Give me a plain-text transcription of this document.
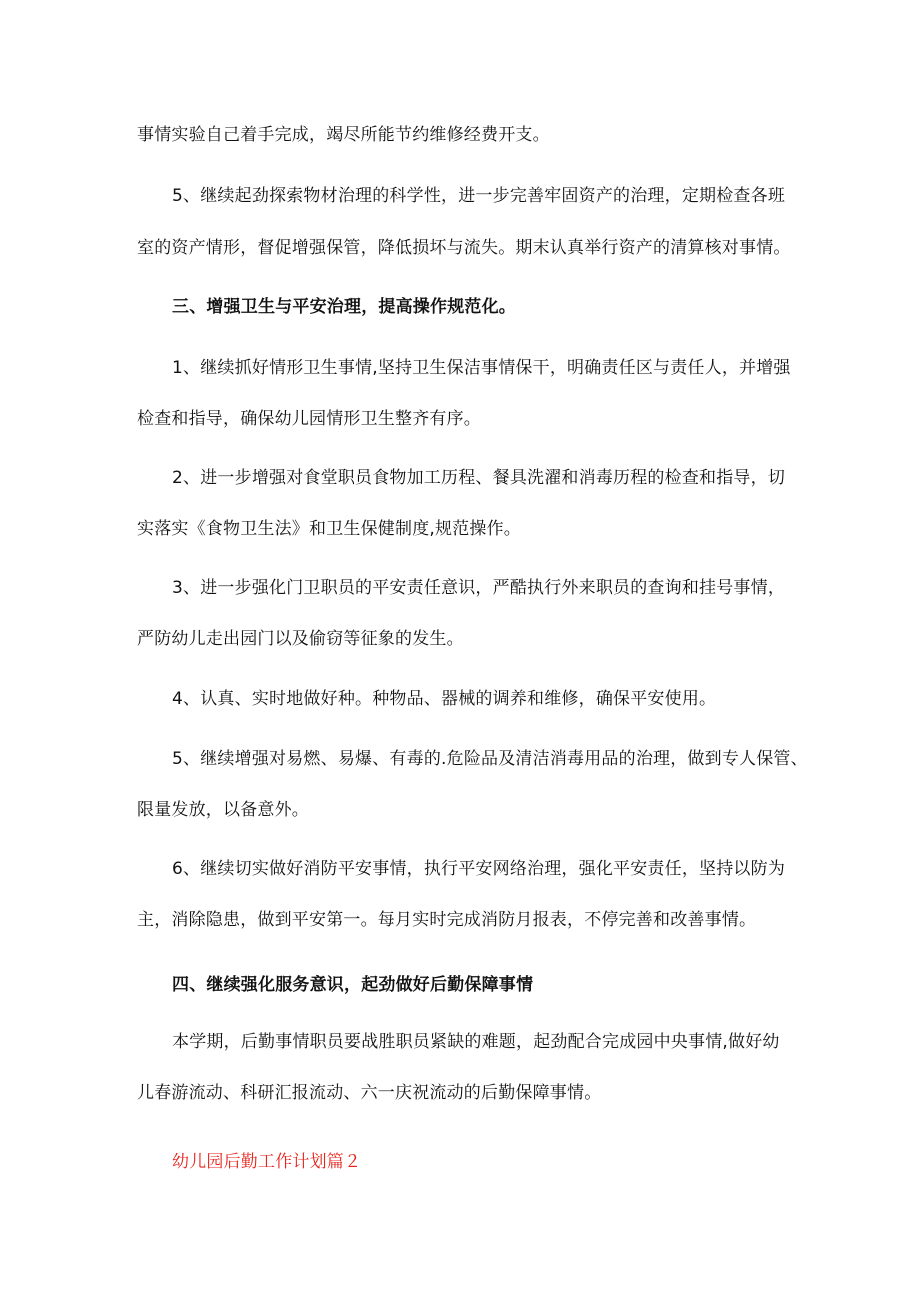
事情实验自己着手完成，竭尽所能节约维修经费开支。
5、继续起劲探索物材治理的科学性，进一步完善牢固资产的治理，定期检查各班
室的资产情形，督促增强保管，降低损坏与流失。期末认真举行资产的清算核对事情。
三、增强卫生与平安治理，提高操作规范化。
1、继续抓好情形卫生事情,坚持卫生保洁事情保干，明确责任区与责任人，并增强
检查和指导，确保幼儿园情形卫生整齐有序。
2、进一步增强对食堂职员食物加工历程、餐具洗濯和消毒历程的检查和指导，切
实落实《食物卫生法》和卫生保健制度,规范操作。
3、进一步强化门卫职员的平安责任意识，严酷执行外来职员的查询和挂号事情，
严防幼儿走出园门以及偷窃等征象的发生。
4、认真、实时地做好种。种物品、器械的调养和维修，确保平安使用。
5、继续增强对易燃、易爆、有毒的.危险品及清洁消毒用品的治理，做到专人保管、
限量发放，以备意外。
6、继续切实做好消防平安事情，执行平安网络治理，强化平安责任，坚持以防为
主，消除隐患，做到平安第一。每月实时完成消防月报表，不停完善和改善事情。
四、继续强化服务意识，起劲做好后勤保障事情
本学期，后勤事情职员要战胜职员紧缺的难题，起劲配合完成园中央事情,做好幼
儿春游流动、科研汇报流动、六一庆祝流动的后勤保障事情。
幼儿园后勤工作计划篇２
